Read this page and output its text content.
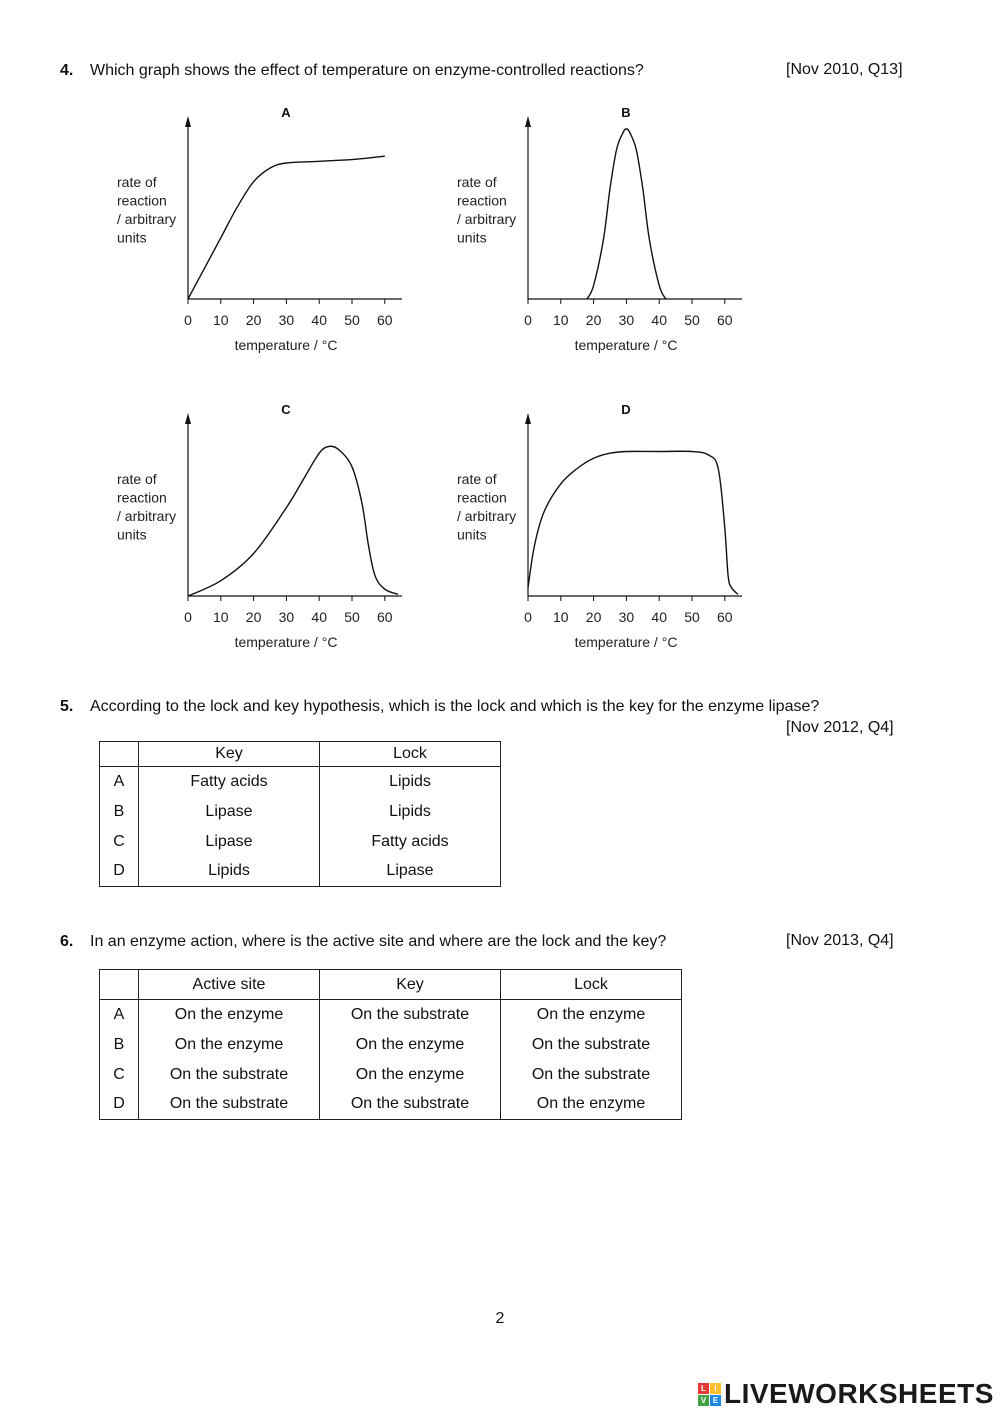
4. Which graph shows the effect of temperature on enzyme-controlled reactions?	[Nov 2010, Q13]
A
0 10 20 30 40 50 60
temperature / °C
rate of
reaction
/ arbitrary
units
B
0 10 20 30 40 50 60
temperature / °C
rate of
reaction
/ arbitrary
units
C
0 10 20 30 40 50 60
temperature / °C
rate of
reaction
/ arbitrary
units
D
0 10 20 30 40 50 60
temperature / °C
rate of
reaction
/ arbitrary
units
5. According to the lock and key hypothesis, which is the lock and which is the key for the enzyme lipase?
[Nov 2012, Q4]
	Key	Lock
A	Fatty acids	Lipids
B	Lipase	Lipids
C	Lipase	Fatty acids
D	Lipids	Lipase
6. In an enzyme action, where is the active site and where are the lock and the key?	[Nov 2013, Q4]
	Active site	Key	Lock
A	On the enzyme	On the substrate	On the enzyme
B	On the enzyme	On the enzyme	On the substrate
C	On the substrate	On the enzyme	On the substrate
D	On the substrate	On the substrate	On the enzyme
2
L	I
V E LIVEWORKSHEETS
